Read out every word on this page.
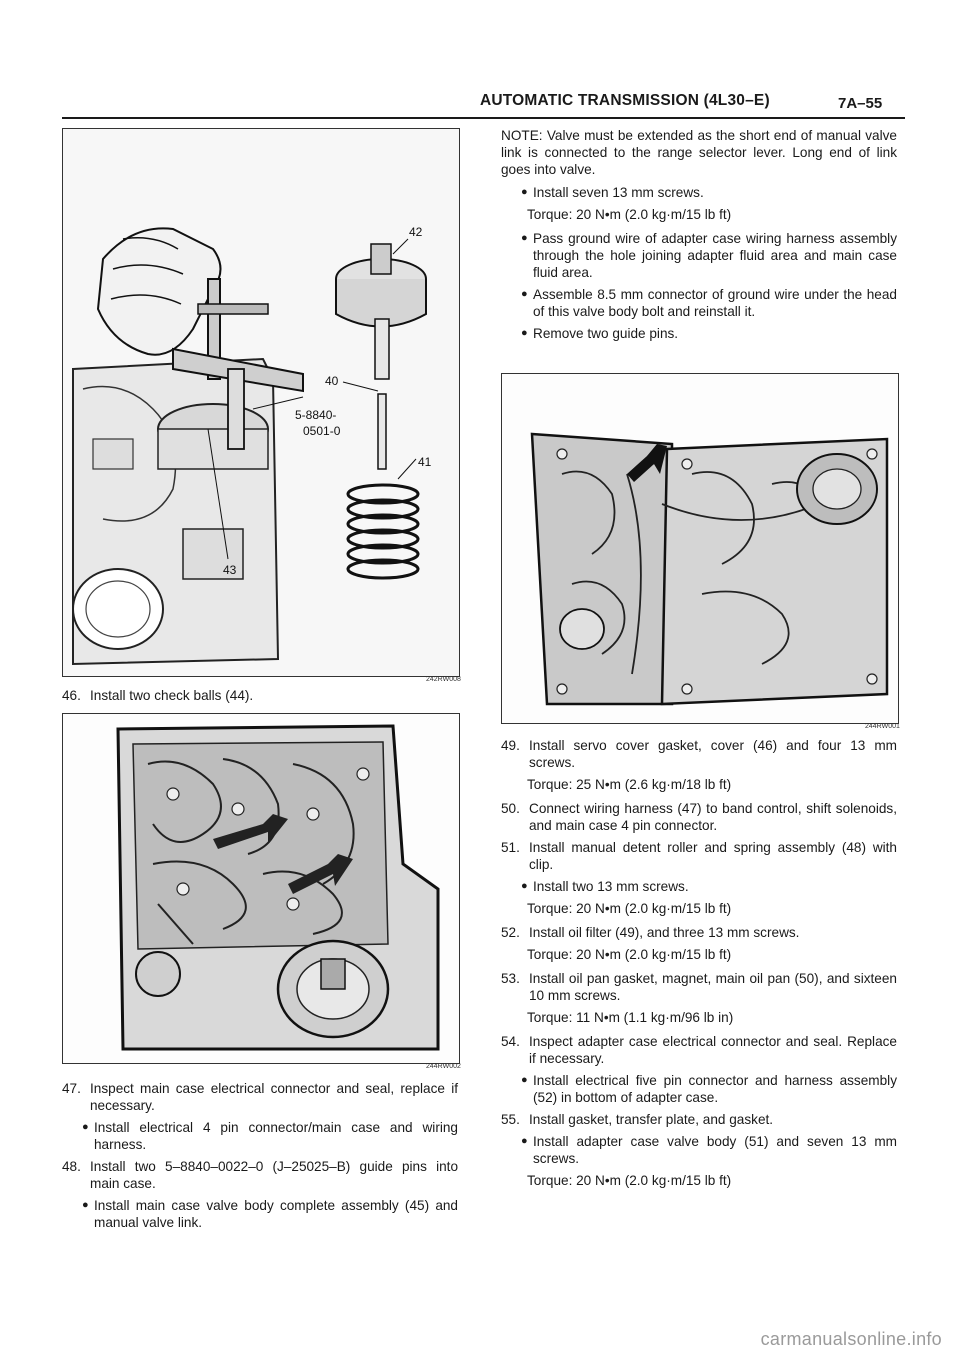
AUTOMATIC TRANSMISSION (4L30–E)	7A–55
42
40
5-8840-
0501-0
41
43
242RW008
244RW002
244RW001
46. Install two check balls (44).
47. Inspect main case electrical connector and seal, replace if necessary.
● Install electrical 4 pin connector/main case and wiring harness.
48. Install two 5–8840–0022–0 (J–25025–B) guide pins into main case.
● Install main case valve body complete assembly (45) and manual valve link.
NOTE: Valve must be extended as the short end of manual valve link is connected to the range selector lever. Long end of link goes into valve.
● Install seven 13 mm screws.
Torque: 20 N•m (2.0 kg·m/15 lb ft)
● Pass ground wire of adapter case wiring harness assembly through the hole joining adapter fluid area and main case fluid area.
● Assemble 8.5 mm connector of ground wire under the head of this valve body bolt and reinstall it.
● Remove two guide pins.
49. Install servo cover gasket, cover (46) and four 13 mm screws.
Torque: 25 N•m (2.6 kg·m/18 lb ft)
50. Connect wiring harness (47) to band control, shift solenoids, and main case 4 pin connector.
51. Install manual detent roller and spring assembly (48) with clip.
● Install two 13 mm screws.
Torque: 20 N•m (2.0 kg·m/15 lb ft)
52. Install oil filter (49), and three 13 mm screws.
Torque: 20 N•m (2.0 kg·m/15 lb ft)
53. Install oil pan gasket, magnet, main oil pan (50), and sixteen 10 mm screws.
Torque: 11 N•m (1.1 kg·m/96 lb in)
54. Inspect adapter case electrical connector and seal. Replace if necessary.
● Install electrical five pin connector and harness assembly (52) in bottom of adapter case.
55. Install gasket, transfer plate, and gasket.
● Install adapter case valve body (51) and seven 13 mm screws.
Torque: 20 N•m (2.0 kg·m/15 lb ft)
carmanualsonline.info
